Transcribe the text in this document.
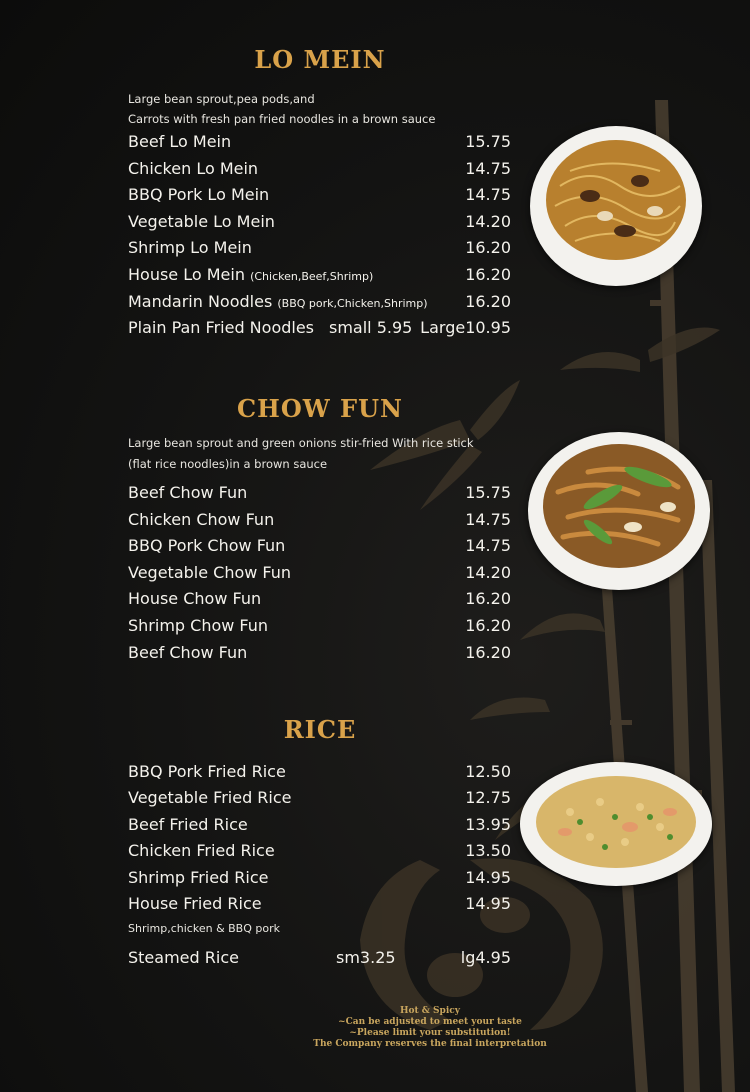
LO MEIN
Large bean sprout,pea pods,and
Carrots with fresh pan fried noodles in a brown sauce
Beef Lo Mein	15.75
Chicken Lo Mein	14.75
BBQ Pork Lo Mein	14.75
Vegetable Lo Mein	14.20
Shrimp Lo Mein	16.20
House Lo Mein (Chicken,Beef,Shrimp)	16.20
Mandarin Noodles (BBQ pork,Chicken,Shrimp) 16.20
Plain Pan Fried Noodles small 5.95 Large10.95
CHOW FUN
Large bean sprout and green onions stir-fried With rice stick
(flat rice noodles)in a brown sauce
Beef Chow Fun	15.75
Chicken Chow Fun	14.75
BBQ Pork Chow Fun	14.75
Vegetable Chow Fun	14.20
House Chow Fun	16.20
Shrimp Chow Fun	16.20
Beef Chow Fun	16.20
RICE
BBQ Pork Fried Rice	12.50
Vegetable Fried Rice	12.75
Beef Fried Rice	13.95
Chicken Fried Rice	13.50
Shrimp Fried Rice	14.95
House Fried Rice	14.95
Shrimp,chicken & BBQ pork
Steamed Rice	sm3.25	lg4.95
Hot & Spicy
~Can be adjusted to meet your taste
~Please limit your substitution!
The Company reserves the final interpretation
